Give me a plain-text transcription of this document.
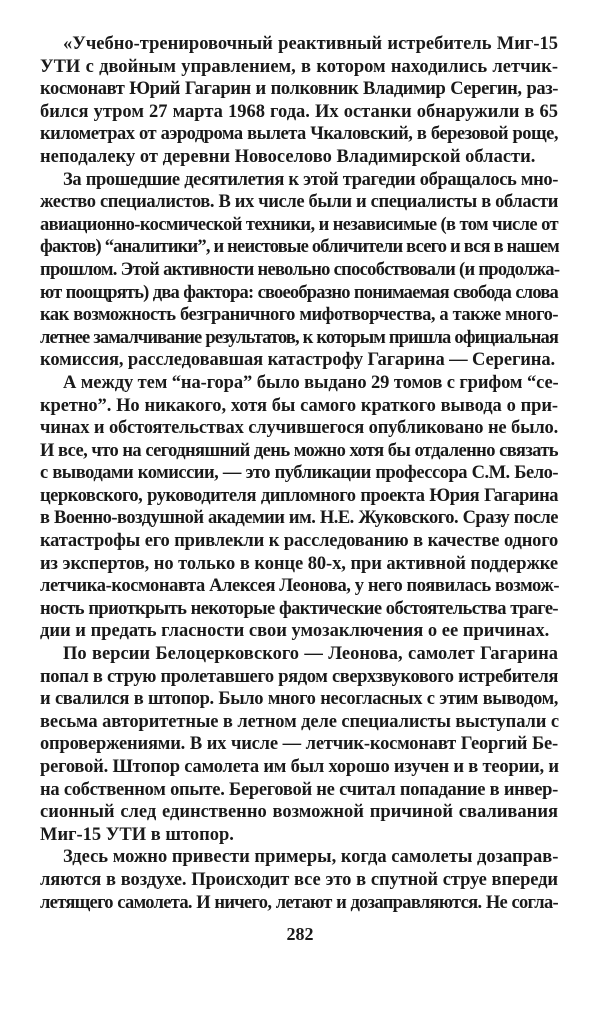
«Учебно-тренировочный реактивный истребитель Миг-15
УТИ с двойным управлением, в котором находились летчик-
космонавт Юрий Гагарин и полковник Владимир Серегин, раз-
бился утром 27 марта 1968 года. Их останки обнаружили в 65
километрах от аэродрома вылета Чкаловский, в березовой роще,
неподалеку от деревни Новоселово Владимирской области.
За прошедшие десятилетия к этой трагедии обращалось мно-
жество специалистов. В их числе были и специалисты в области
авиационно-космической техники, и независимые (в том числе от
фактов) “аналитики”, и неистовые обличители всего и вся в нашем
прошлом. Этой активности невольно способствовали (и продолжа-
ют поощрять) два фактора: своеобразно понимаемая свобода слова
как возможность безграничного мифотворчества, а также много-
летнее замалчивание результатов, к которым пришла официальная
комиссия, расследовавшая катастрофу Гагарина — Серегина.
А между тем “на-гора” было выдано 29 томов с грифом “се-
кретно”. Но никакого, хотя бы самого краткого вывода о при-
чинах и обстоятельствах случившегося опубликовано не было.
И все, что на сегодняшний день можно хотя бы отдаленно связать
с выводами комиссии, — это публикации профессора С.М. Бело-
церковского, руководителя дипломного проекта Юрия Гагарина
в Военно-воздушной академии им. Н.Е. Жуковского. Сразу после
катастрофы его привлекли к расследованию в качестве одного
из экспертов, но только в конце 80-х, при активной поддержке
летчика-космонавта Алексея Леонова, у него появилась возмож-
ность приоткрыть некоторые фактические обстоятельства траге-
дии и предать гласности свои умозаключения о ее причинах.
По версии Белоцерковского — Леонова, самолет Гагарина
попал в струю пролетавшего рядом сверхзвукового истребителя
и свалился в штопор. Было много несогласных с этим выводом,
весьма авторитетные в летном деле специалисты выступали с
опровержениями. В их числе — летчик-космонавт Георгий Бе-
реговой. Штопор самолета им был хорошо изучен и в теории, и
на собственном опыте. Береговой не считал попадание в инвер-
сионный след единственно возможной причиной сваливания
Миг-15 УТИ в штопор.
Здесь можно привести примеры, когда самолеты дозаправ-
ляются в воздухе. Происходит все это в спутной струе впереди
летящего самолета. И ничего, летают и дозаправляются. Не согла-
282
